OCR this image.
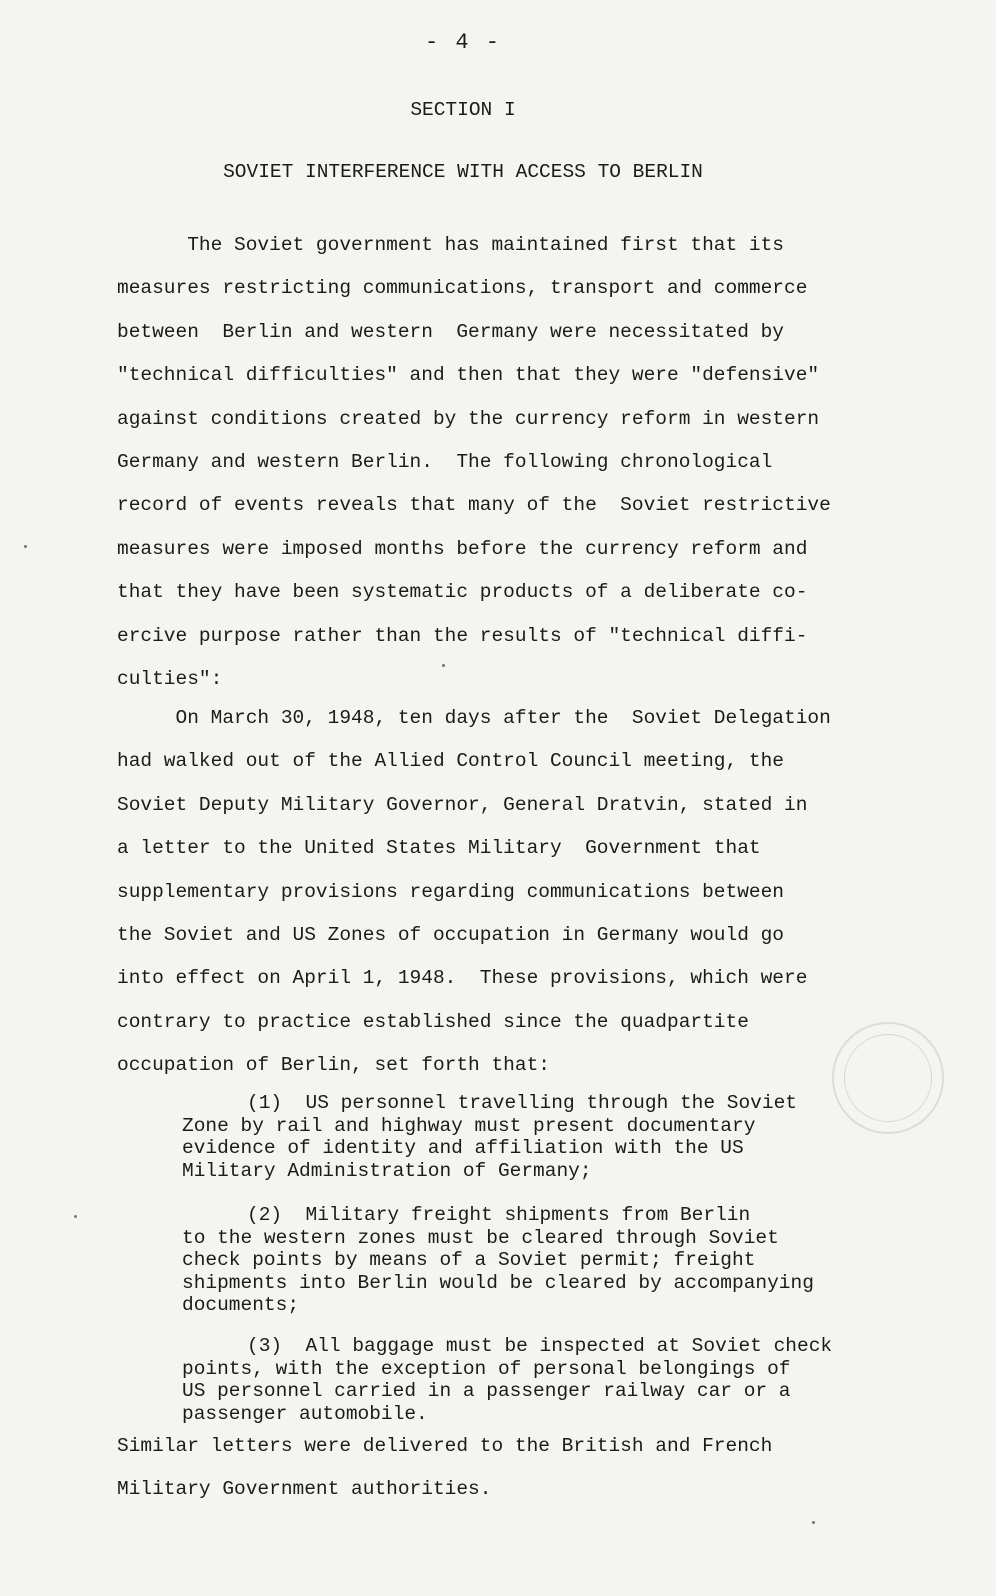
- 4 -
SECTION I
SOVIET INTERFERENCE WITH ACCESS TO BERLIN
The Soviet government has maintained first that its
measures restricting communications, transport and commerce
between  Berlin and western  Germany were necessitated by
"technical difficulties" and then that they were "defensive"
against conditions created by the currency reform in western
Germany and western Berlin.  The following chronological
record of events reveals that many of the  Soviet restrictive
measures were imposed months before the currency reform and
that they have been systematic products of a deliberate co-
ercive purpose rather than the results of "technical diffi-
culties":
On March 30, 1948, ten days after the  Soviet Delegation
had walked out of the Allied Control Council meeting, the
Soviet Deputy Military Governor, General Dratvin, stated in
a letter to the United States Military  Government that
supplementary provisions regarding communications between
the Soviet and US Zones of occupation in Germany would go
into effect on April 1, 1948.  These provisions, which were
contrary to practice established since the quadpartite
occupation of Berlin, set forth that:
(1)  US personnel travelling through the Soviet
Zone by rail and highway must present documentary
evidence of identity and affiliation with the US
Military Administration of Germany;
(2)  Military freight shipments from Berlin
to the western zones must be cleared through Soviet
check points by means of a Soviet permit; freight
shipments into Berlin would be cleared by accompanying
documents;
(3)  All baggage must be inspected at Soviet check
points, with the exception of personal belongings of
US personnel carried in a passenger railway car or a
passenger automobile.
Similar letters were delivered to the British and French
Military Government authorities.
